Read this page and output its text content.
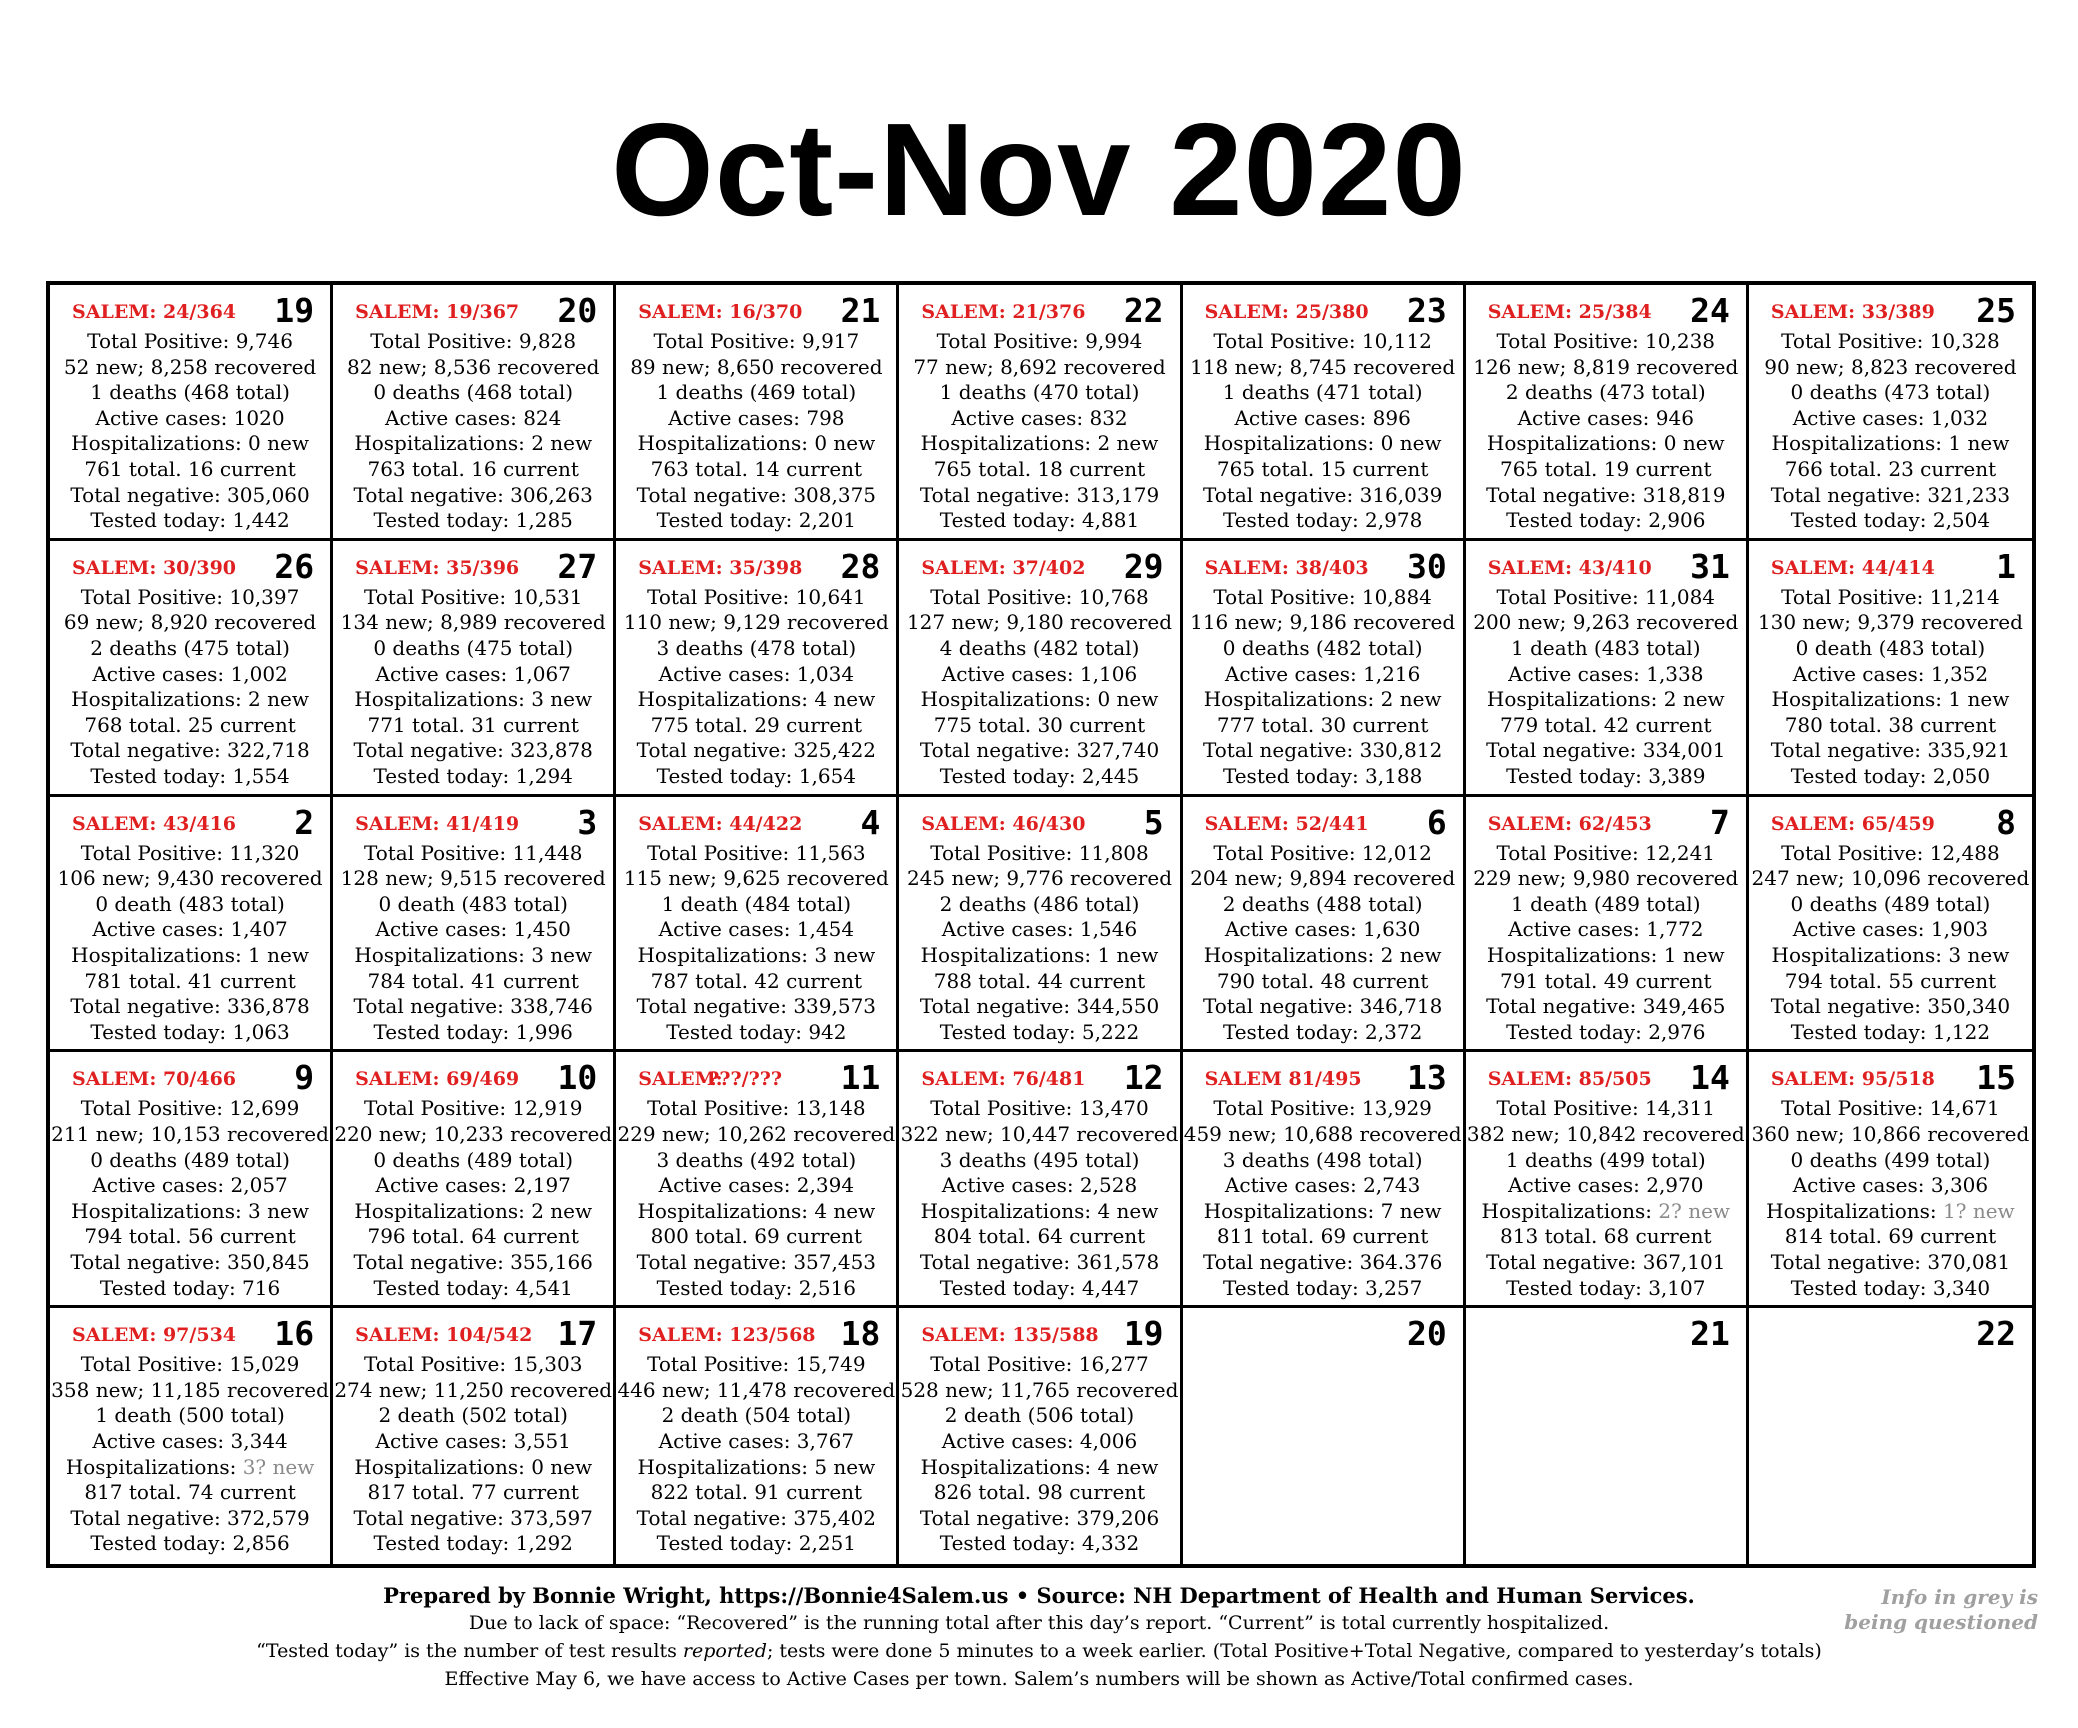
Oct-Nov 2020
SALEM: 24/364 19
Total Positive: 9,746
52 new; 8,258 recovered
1 deaths (468 total)
Active cases: 1020
Hospitalizations: 0 new
761 total. 16 current
Total negative: 305,060
Tested today: 1,442
SALEM: 19/367 20
Total Positive: 9,828
82 new; 8,536 recovered
0 deaths (468 total)
Active cases: 824
Hospitalizations: 2 new
763 total. 16 current
Total negative: 306,263
Tested today: 1,285
SALEM: 16/370 21
Total Positive: 9,917
89 new; 8,650 recovered
1 deaths (469 total)
Active cases: 798
Hospitalizations: 0 new
763 total. 14 current
Total negative: 308,375
Tested today: 2,201
SALEM: 21/376 22
Total Positive: 9,994
77 new; 8,692 recovered
1 deaths (470 total)
Active cases: 832
Hospitalizations: 2 new
765 total. 18 current
Total negative: 313,179
Tested today: 4,881
SALEM: 25/380 23
Total Positive: 10,112
118 new; 8,745 recovered
1 deaths (471 total)
Active cases: 896
Hospitalizations: 0 new
765 total. 15 current
Total negative: 316,039
Tested today: 2,978
SALEM: 25/384 24
Total Positive: 10,238
126 new; 8,819 recovered
2 deaths (473 total)
Active cases: 946
Hospitalizations: 0 new
765 total. 19 current
Total negative: 318,819
Tested today: 2,906
SALEM: 33/389 25
Total Positive: 10,328
90 new; 8,823 recovered
0 deaths (473 total)
Active cases: 1,032
Hospitalizations: 1 new
766 total. 23 current
Total negative: 321,233
Tested today: 2,504
SALEM: 30/390 26
Total Positive: 10,397
69 new; 8,920 recovered
2 deaths (475 total)
Active cases: 1,002
Hospitalizations: 2 new
768 total. 25 current
Total negative: 322,718
Tested today: 1,554
SALEM: 35/396 27
Total Positive: 10,531
134 new; 8,989 recovered
0 deaths (475 total)
Active cases: 1,067
Hospitalizations: 3 new
771 total. 31 current
Total negative: 323,878
Tested today: 1,294
SALEM: 35/398 28
Total Positive: 10,641
110 new; 9,129 recovered
3 deaths (478 total)
Active cases: 1,034
Hospitalizations: 4 new
775 total. 29 current
Total negative: 325,422
Tested today: 1,654
SALEM: 37/402 29
Total Positive: 10,768
127 new; 9,180 recovered
4 deaths (482 total)
Active cases: 1,106
Hospitalizations: 0 new
775 total. 30 current
Total negative: 327,740
Tested today: 2,445
SALEM: 38/403 30
Total Positive: 10,884
116 new; 9,186 recovered
0 deaths (482 total)
Active cases: 1,216
Hospitalizations: 2 new
777 total. 30 current
Total negative: 330,812
Tested today: 3,188
SALEM: 43/410 31
Total Positive: 11,084
200 new; 9,263 recovered
1 death (483 total)
Active cases: 1,338
Hospitalizations: 2 new
779 total. 42 current
Total negative: 334,001
Tested today: 3,389
SALEM: 44/414 1
Total Positive: 11,214
130 new; 9,379 recovered
0 death (483 total)
Active cases: 1,352
Hospitalizations: 1 new
780 total. 38 current
Total negative: 335,921
Tested today: 2,050
SALEM: 43/416 2
Total Positive: 11,320
106 new; 9,430 recovered
0 death (483 total)
Active cases: 1,407
Hospitalizations: 1 new
781 total. 41 current
Total negative: 336,878
Tested today: 1,063
SALEM: 41/419 3
Total Positive: 11,448
128 new; 9,515 recovered
0 death (483 total)
Active cases: 1,450
Hospitalizations: 3 new
784 total. 41 current
Total negative: 338,746
Tested today: 1,996
SALEM: 44/422 4
Total Positive: 11,563
115 new; 9,625 recovered
1 death (484 total)
Active cases: 1,454
Hospitalizations: 3 new
787 total. 42 current
Total negative: 339,573
Tested today: 942
SALEM: 46/430 5
Total Positive: 11,808
245 new; 9,776 recovered
2 deaths (486 total)
Active cases: 1,546
Hospitalizations: 1 new
788 total. 44 current
Total negative: 344,550
Tested today: 5,222
SALEM: 52/441 6
Total Positive: 12,012
204 new; 9,894 recovered
2 deaths (488 total)
Active cases: 1,630
Hospitalizations: 2 new
790 total. 48 current
Total negative: 346,718
Tested today: 2,372
SALEM: 62/453 7
Total Positive: 12,241
229 new; 9,980 recovered
1 death (489 total)
Active cases: 1,772
Hospitalizations: 1 new
791 total. 49 current
Total negative: 349,465
Tested today: 2,976
SALEM: 65/459 8
Total Positive: 12,488
247 new; 10,096 recovered
0 deaths (489 total)
Active cases: 1,903
Hospitalizations: 3 new
794 total. 55 current
Total negative: 350,340
Tested today: 1,122
SALEM: 70/466 9
Total Positive: 12,699
211 new; 10,153 recovered
0 deaths (489 total)
Active cases: 2,057
Hospitalizations: 3 new
794 total. 56 current
Total negative: 350,845
Tested today: 716
SALEM: 69/469 10
Total Positive: 12,919
220 new; 10,233 recovered
0 deaths (489 total)
Active cases: 2,197
Hospitalizations: 2 new
796 total. 64 current
Total negative: 355,166
Tested today: 4,541
SALEM:
???/??? 11
Total Positive: 13,148
229 new; 10,262 recovered
3 deaths (492 total)
Active cases: 2,394
Hospitalizations: 4 new
800 total. 69 current
Total negative: 357,453
Tested today: 2,516
SALEM: 76/481 12
Total Positive: 13,470
322 new; 10,447 recovered
3 deaths (495 total)
Active cases: 2,528
Hospitalizations: 4 new
804 total. 64 current
Total negative: 361,578
Tested today: 4,447
SALEM 81/495 13
Total Positive: 13,929
459 new; 10,688 recovered
3 deaths (498 total)
Active cases: 2,743
Hospitalizations: 7 new
811 total. 69 current
Total negative: 364.376
Tested today: 3,257
SALEM: 85/505 14
Total Positive: 14,311
382 new; 10,842 recovered
1 deaths (499 total)
Active cases: 2,970
Hospitalizations: 2? new
813 total. 68 current
Total negative: 367,101
Tested today: 3,107
SALEM: 95/518 15
Total Positive: 14,671
360 new; 10,866 recovered
0 deaths (499 total)
Active cases: 3,306
Hospitalizations: 1? new
814 total. 69 current
Total negative: 370,081
Tested today: 3,340
SALEM: 97/534 16
Total Positive: 15,029
358 new; 11,185 recovered
1 death (500 total)
Active cases: 3,344
Hospitalizations: 3? new
817 total. 74 current
Total negative: 372,579
Tested today: 2,856
SALEM: 104/542 17
Total Positive: 15,303
274 new; 11,250 recovered
2 death (502 total)
Active cases: 3,551
Hospitalizations: 0 new
817 total. 77 current
Total negative: 373,597
Tested today: 1,292
SALEM: 123/568 18
Total Positive: 15,749
446 new; 11,478 recovered
2 death (504 total)
Active cases: 3,767
Hospitalizations: 5 new
822 total. 91 current
Total negative: 375,402
Tested today: 2,251
SALEM: 135/588 19
Total Positive: 16,277
528 new; 11,765 recovered
2 death (506 total)
Active cases: 4,006
Hospitalizations: 4 new
826 total. 98 current
Total negative: 379,206
Tested today: 4,332
20	21	22
Prepared by Bonnie Wright, https://Bonnie4Salem.us • Source: NH Department of Health and Human Services.
Due to lack of space: “Recovered” is the running total after this day’s report. “Current” is total currently hospitalized.
“Tested today” is the number of test results reported; tests were done 5 minutes to a week earlier. (Total Positive+Total Negative, compared to yesterday’s totals)
Effective May 6, we have access to Active Cases per town. Salem’s numbers will be shown as Active/Total confirmed cases.
Info in grey is
being questioned
